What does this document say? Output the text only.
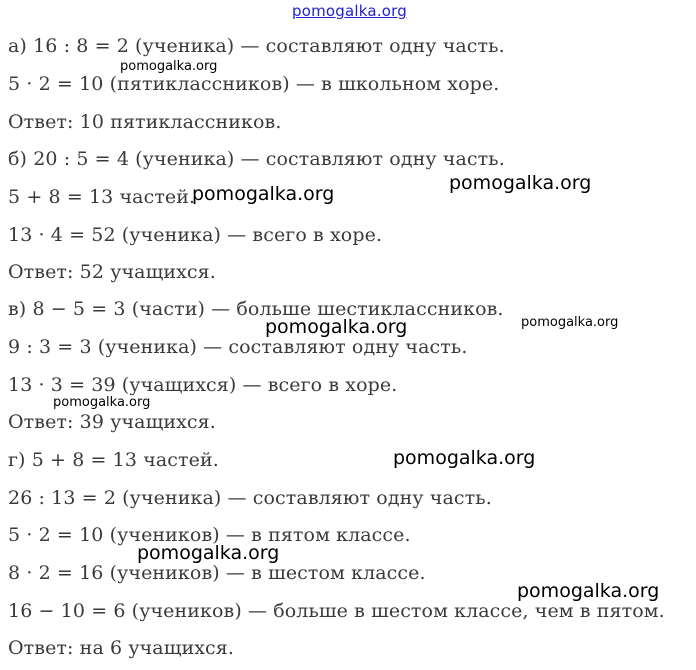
pomogalka.org
а) 16 : 8 = 2 (ученика) — составляют одну часть.
5 · 2 = 10 (пятиклассников) — в школьном хоре.
Ответ: 10 пятиклассников.
б) 20 : 5 = 4 (ученика) — составляют одну часть.
5 + 8 = 13 частей.
13 · 4 = 52 (ученика) — всего в хоре.
Ответ: 52 учащихся.
в) 8 − 5 = 3 (части) — больше шестиклассников.
9 : 3 = 3 (ученика) — составляют одну часть.
13 · 3 = 39 (учащихся) — всего в хоре.
Ответ: 39 учащихся.
г) 5 + 8 = 13 частей.
26 : 13 = 2 (ученика) — составляют одну часть.
5 · 2 = 10 (учеников) — в пятом классе.
8 · 2 = 16 (учеников) — в шестом классе.
16 − 10 = 6 (учеников) — больше в шестом классе, чем в пятом.
Ответ: на 6 учащихся.
pomogalka.org
pomogalka.org	pomogalka.org
pomogalka.org	pomogalka.org
pomogalka.org
pomogalka.org
pomogalka.org
pomogalka.org
